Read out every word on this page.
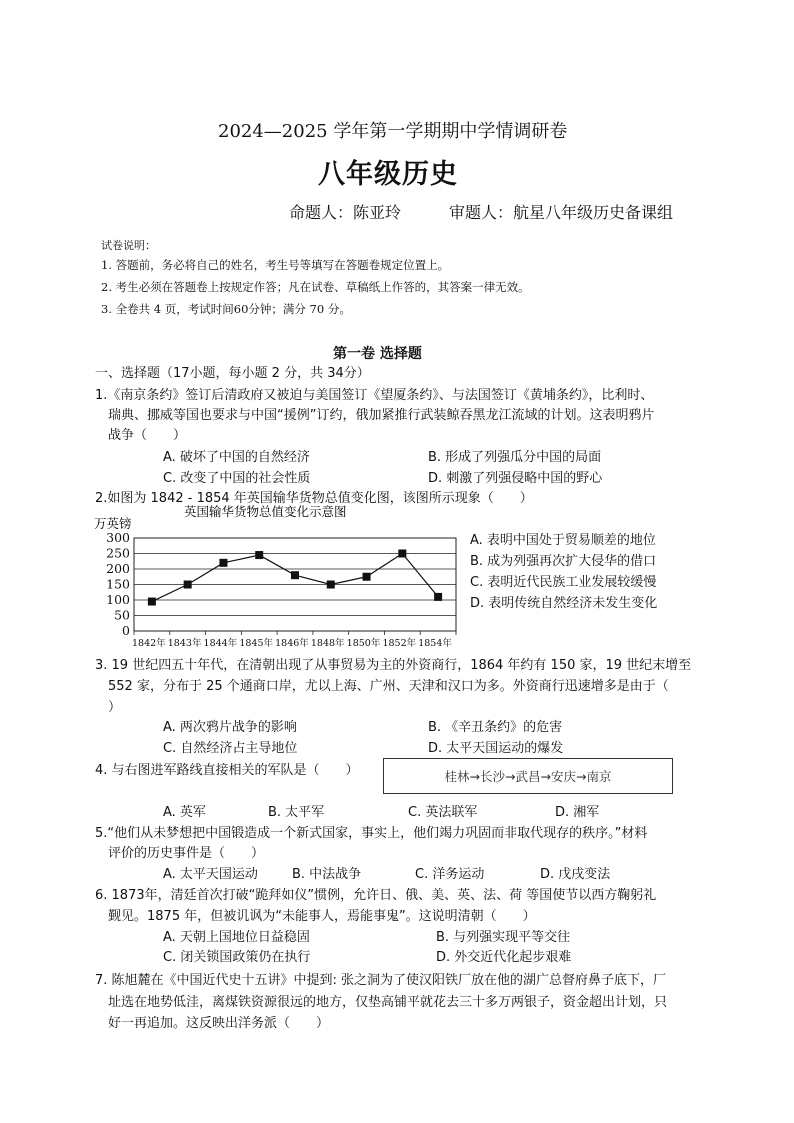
2024—2025 学年第一学期期中学情调研卷
八年级历史
命题人：陈亚玲	审题人：航星八年级历史备课组
试卷说明：
1. 答题前，务必将自己的姓名，考生号等填写在答题卷规定位置上。
2. 考生必须在答题卷上按规定作答；凡在试卷、草稿纸上作答的，其答案一律无效。
3. 全卷共 4 页，考试时间60分钟；满分 70 分。
第一卷 选择题
一、选择题（17小题，每小题 2 分，共 34分）
1.《南京条约》签订后清政府又被迫与美国签订《望厦条约》、与法国签订《黄埔条约》，比利时、
瑞典、挪威等国也要求与中国“援例”订约，俄加紧推行武装鲸吞黑龙江流域的计划。这表明鸦片
战争（　　）
A. 破坏了中国的自然经济	B. 形成了列强瓜分中国的局面
C. 改变了中国的社会性质	D. 刺激了列强侵略中国的野心
2.如图为 1842 - 1854 年英国输华货物总值变化图，该图所示现象（　　）
英国输华货物总值变化示意图
万英镑
0
50
100
150
200
250
300
1842年 1843年 1844年 1845年 1846年 1848年 1850年 1852年 1854年
A. 表明中国处于贸易顺差的地位
B. 成为列强再次扩大侵华的借口
C. 表明近代民族工业发展较缓慢
D. 表明传统自然经济未发生变化
3. 19 世纪四五十年代，在清朝出现了从事贸易为主的外资商行，1864 年约有 150 家，19 世纪末增至
552 家，分布于 25 个通商口岸，尤以上海、广州、天津和汉口为多。外资商行迅速增多是由于（
）
A. 两次鸦片战争的影响	B. 《辛丑条约》的危害
C. 自然经济占主导地位	D. 太平天国运动的爆发
4. 与右图进军路线直接相关的军队是（　　）	桂林→长沙→武昌→安庆→南京
A. 英军	B. 太平军	C. 英法联军	D. 湘军
5.“他们从未梦想把中国锻造成一个新式国家，事实上，他们竭力巩固而非取代现存的秩序。”材料
评价的历史事件是（　　）
A. 太平天国运动	B. 中法战争	C. 洋务运动	D. 戊戌变法
6. 1873年，清廷首次打破“跪拜如仪”惯例，允许日、俄、美、英、法、荷 等国使节以西方鞠躬礼
觐见。1875 年，但被讥讽为“未能事人，焉能事鬼”。这说明清朝（　　）
A. 天朝上国地位日益稳固	B. 与列强实现平等交往
C. 闭关锁国政策仍在执行	D. 外交近代化起步艰难
7. 陈旭麓在《中国近代史十五讲》中提到: 张之洞为了使汉阳铁厂放在他的湖广总督府鼻子底下，厂
址选在地势低洼，离煤铁资源很远的地方，仅垫高铺平就花去三十多万两银子，资金超出计划，只
好一再追加。这反映出洋务派（　　）
